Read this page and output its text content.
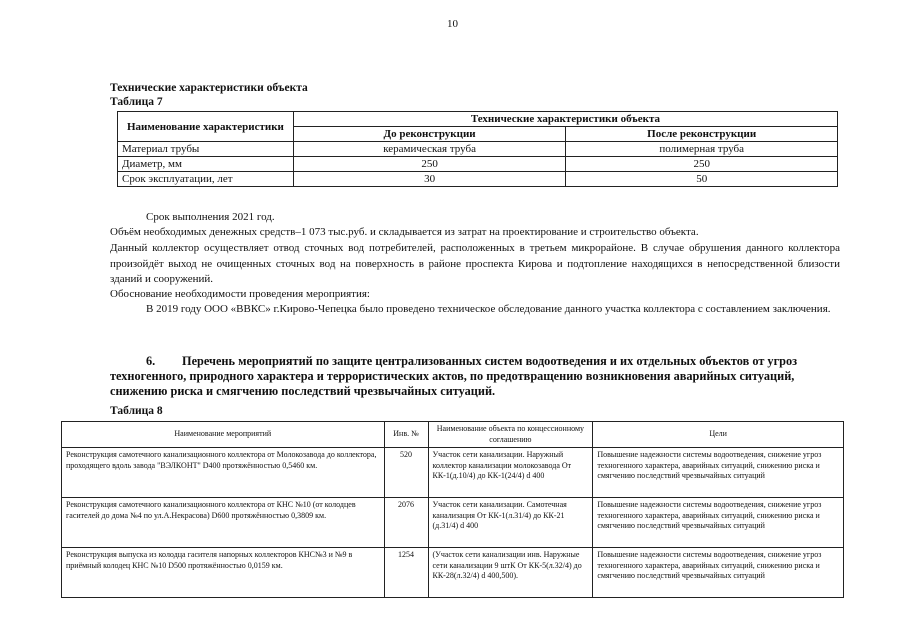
10
Технические характеристики объекта
Таблица 7
Наименование характеристики	Технические характеристики объекта	
	До реконструкции	После реконструкции
Материал трубы	керамическая труба	полимерная труба
Диаметр, мм	250	250
Срок эксплуатации, лет	30	50
Срок выполнения 2021 год.
Объём необходимых денежных средств–1 073 тыс.руб. и складывается из затрат на проектирование и строительство объекта.
Данный коллектор осуществляет отвод сточных вод потребителей, расположенных в третьем микрорайоне. В случае обрушения данного коллектора произойдёт выход не очищенных сточных вод на поверхность в районе проспекта Кирова и подтопление находящихся в непосредственной близости зданий и сооружений.
Обоснование необходимости проведения мероприятия:
В 2019 году ООО «ВВКС» г.Кирово-Чепецка было проведено техническое обследование данного участка коллектора с составлением заключения.
6. Перечень мероприятий по защите централизованных систем водоотведения и их отдельных объектов от угроз техногенного, природного характера и террористических актов, по предотвращению возникновения аварийных ситуаций, снижению риска и смягчению последствий чрезвычайных ситуаций.
Таблица 8
Наименование мероприятий	Инв. №	Наименование объекта по концессионному соглашению	Цели
Реконструкция самотечного канализационного коллектора от Молокозавода до коллектора, проходящего вдоль завода "ВЭЛКОНТ" D400 протяжённостью 0,5460 км.	520	Участок сети канализации. Наружный коллектор канализации молокозавода От КК-1(д.10/4) до КК-1(24/4) d 400	Повышение надежности системы водоотведения, снижение угроз техногенного характера, аварийных ситуаций, снижению риска и смягчению последствий чрезвычайных ситуаций
Реконструкция самотечного канализационного коллектора от КНС №10 (от колодцев гасителей до дома №4 по ул.А.Некрасова) D600 протяжённостью 0,3809 км.	2076	Участок сети канализации. Самотечная канализация От КК-1(л.31/4) до КК-21 (д.31/4) d 400	Повышение надежности системы водоотведения, снижение угроз техногенного характера, аварийных ситуаций, снижению риска и смягчению последствий чрезвычайных ситуаций
Реконструкция выпуска из колодца гасителя напорных коллекторов КНС№3 и №9 в приёмный колодец КНС №10 D500 протяжённостью 0,0159 км.	1254	(Участок сети канализации инв. Наружные сети канализации 9 штК От КК-5(л.32/4) до КК-28(л.32/4) d 400,500).	Повышение надежности системы водоотведения, снижение угроз техногенного характера, аварийных ситуаций, снижению риска и смягчению последствий чрезвычайных ситуаций
